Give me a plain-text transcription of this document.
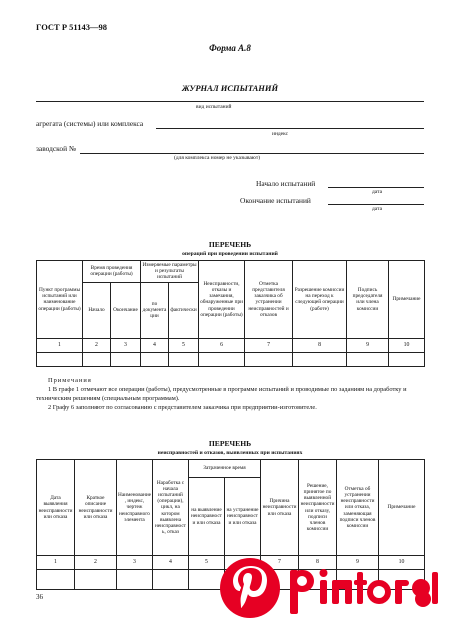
ГОСТ Р 51143—98
Форма А.8
ЖУРНАЛ ИСПЫТАНИЙ
вид испытаний
агрегата (системы) или комплекса
индекс
заводской №
(для комплекса номер не указывают)
Начало испытаний
дата
Окончание испытаний
дата
ПЕРЕЧЕНЬ
операций при проведении испытаний
Пункт программы испытаний или наименование операции (работы)	Время проведения операции (работы)		Измеряемые параметры и результаты испытаний		Неисправности, отказы и замечания, обнаруженные при проведении операции (работы)	Отметка представителя заказчика об устранении неисправностей и отказов	Разрешение комиссии на переход к следующей операции (работе)	Подпись председателя или члена комиссии	Примечание
	Начало	Окончание	по документации	фактически					
1	2	3	4	5	6	7	8	9	10

Примечания
1 В графе 1 отмечают все операции (работы), предусмотренные в программе испытаний и проводимые по заданиям на доработку и техническим решениям (специальным программам).
2 Графу 6 заполняют по согласованию с представителем заказчика при предприятии-изготовителе.
ПЕРЕЧЕНЬ
неисправностей и отказов, выявленных при испытаниях
Дата выявления неисправности или отказа	Краткое описание неисправности или отказа	Наименование, индекс, чертеж неисправного элемента	Наработка с начала испытаний (операции), цикл, на котором выявлена неисправность, отказ	Затраченное время		Причина неисправности или отказа	Решение, принятое по выявленной неисправности или отказу, подписи членов комиссии	Отметка об устранении неисправности или отказа, заменяющая подписи членов комиссии	Примечание
				на выявление неисправности или отказа	на устранение неисправности или отказа				
1	2	3	4	5		7	8	9	10

36
